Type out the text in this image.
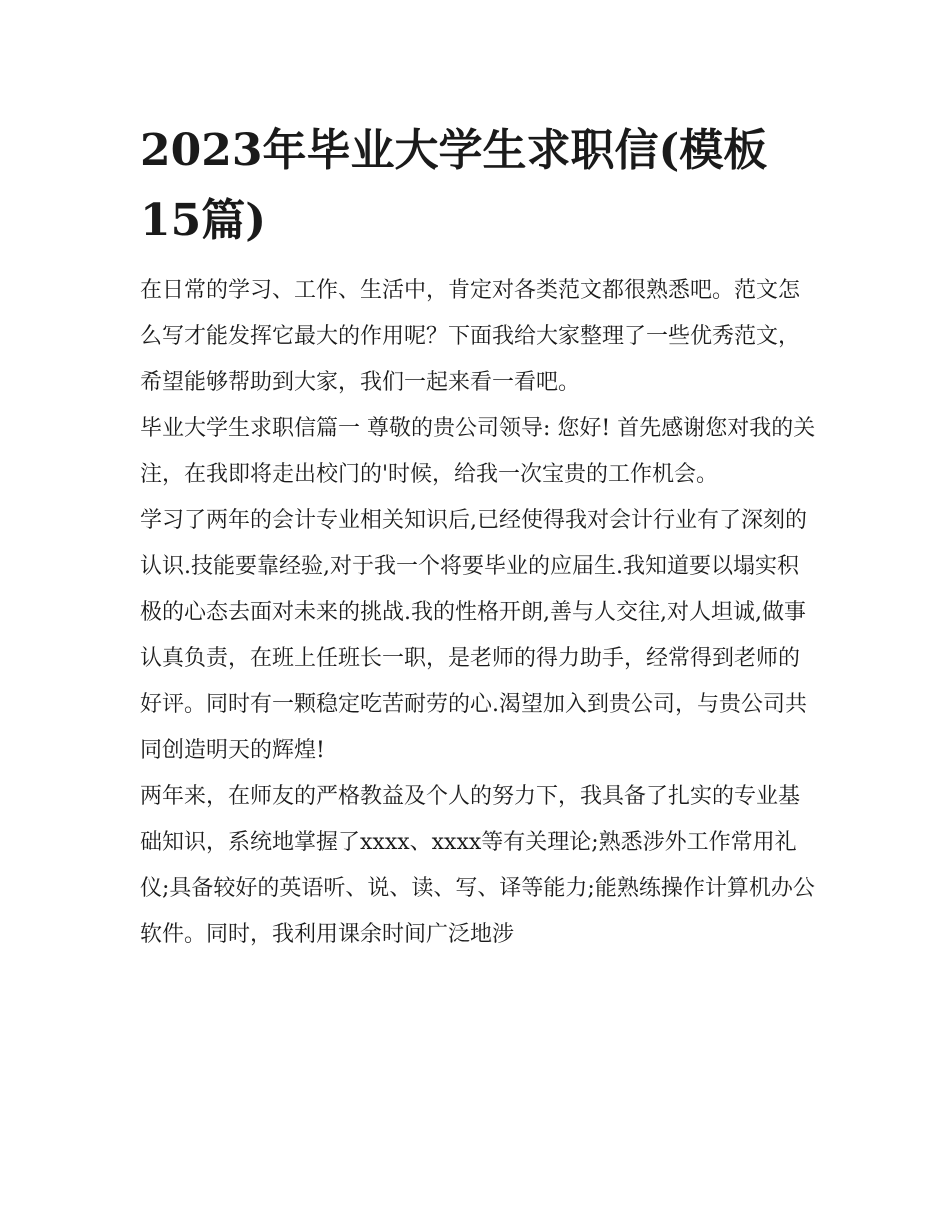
2023年毕业大学生求职信(模板15篇)

在日常的学习、工作、生活中，肯定对各类范文都很熟悉吧。范文怎么写才能发挥它最大的作用呢？下面我给大家整理了一些优秀范文，希望能够帮助到大家，我们一起来看一看吧。

毕业大学生求职信篇一 尊敬的贵公司领导: 您好! 首先感谢您对我的关注，在我即将走出校门的'时候，给我一次宝贵的工作机会。

学习了两年的会计专业相关知识后,已经使得我对会计行业有了深刻的认识.技能要靠经验,对于我一个将要毕业的应届生.我知道要以塌实积极的心态去面对未来的挑战.我的性格开朗,善与人交往,对人坦诚,做事认真负责，在班上任班长一职，是老师的得力助手，经常得到老师的好评。同时有一颗稳定吃苦耐劳的心.渴望加入到贵公司，与贵公司共同创造明天的辉煌!

两年来，在师友的严格教益及个人的努力下，我具备了扎实的专业基础知识，系统地掌握了xxxx、xxxx等有关理论;熟悉涉外工作常用礼仪;具备较好的英语听、说、读、写、译等能力;能熟练操作计算机办公软件。同时，我利用课余时间广泛地涉
